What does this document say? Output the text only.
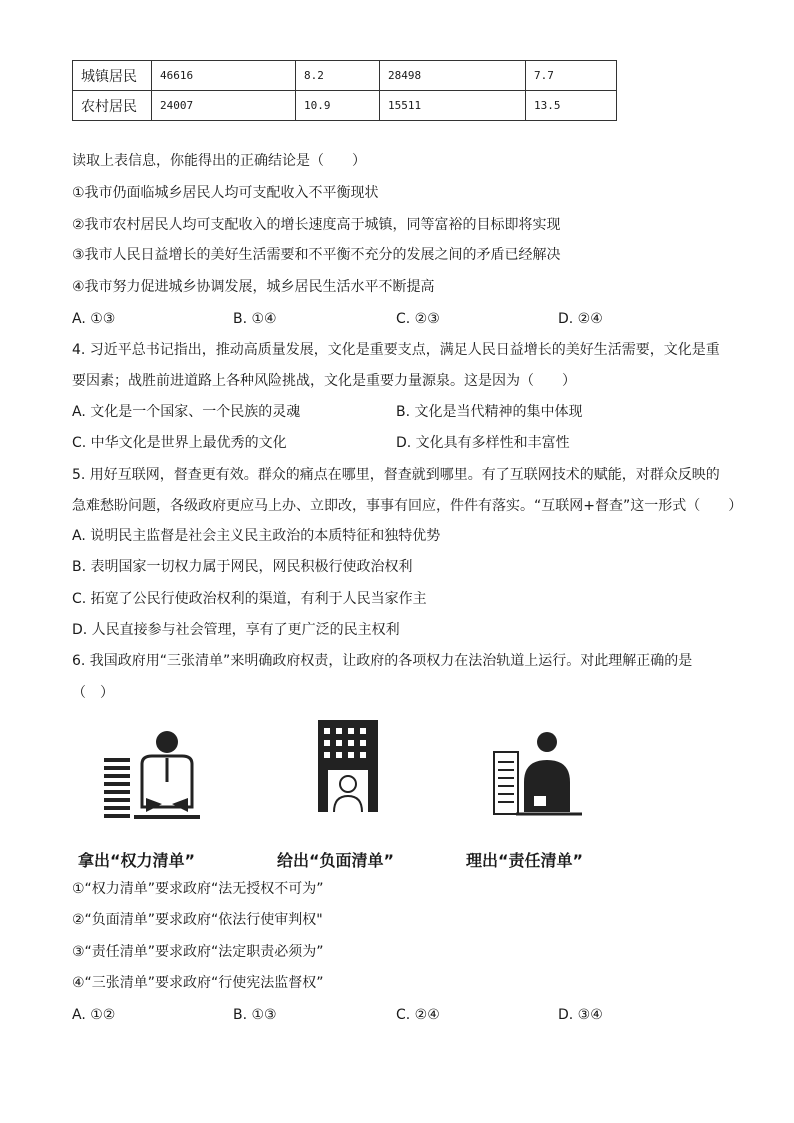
城镇居民	46616	8.2	28498	7.7
农村居民	24007	10.9	15511	13.5
读取上表信息，你能得出的正确结论是（　　）
①我市仍面临城乡居民人均可支配收入不平衡现状
②我市农村居民人均可支配收入的增长速度高于城镇，同等富裕的目标即将实现
③我市人民日益增长的美好生活需要和不平衡不充分的发展之间的矛盾已经解决
④我市努力促进城乡协调发展，城乡居民生活水平不断提高
A. ①③	B. ①④	C. ②③	D. ②④
4. 习近平总书记指出，推动高质量发展，文化是重要支点，满足人民日益增长的美好生活需要，文化是重
要因素；战胜前进道路上各种风险挑战，文化是重要力量源泉。这是因为（　　）
A. 文化是一个国家、一个民族的灵魂	B. 文化是当代精神的集中体现
C. 中华文化是世界上最优秀的文化	D. 文化具有多样性和丰富性
5. 用好互联网，督查更有效。群众的痛点在哪里，督查就到哪里。有了互联网技术的赋能，对群众反映的
急难愁盼问题，各级政府更应马上办、立即改，事事有回应，件件有落实。“互联网+督查”这一形式（　　）
A. 说明民主监督是社会主义民主政治的本质特征和独特优势
B. 表明国家一切权力属于网民，网民积极行使政治权利
C. 拓宽了公民行使政治权利的渠道，有利于人民当家作主
D. 人民直接参与社会管理，享有了更广泛的民主权利
6. 我国政府用“三张清单”来明确政府权责，让政府的各项权力在法治轨道上运行。对此理解正确的是
（　）
拿出“权力清单”	给出“负面清单”	理出“责任清单”
①“权力清单”要求政府“法无授权不可为”
②“负面清单”要求政府“依法行使审判权"
③“责任清单”要求政府“法定职责必须为”
④“三张清单”要求政府“行使宪法监督权”
A. ①②	B. ①③	C. ②④	D. ③④
